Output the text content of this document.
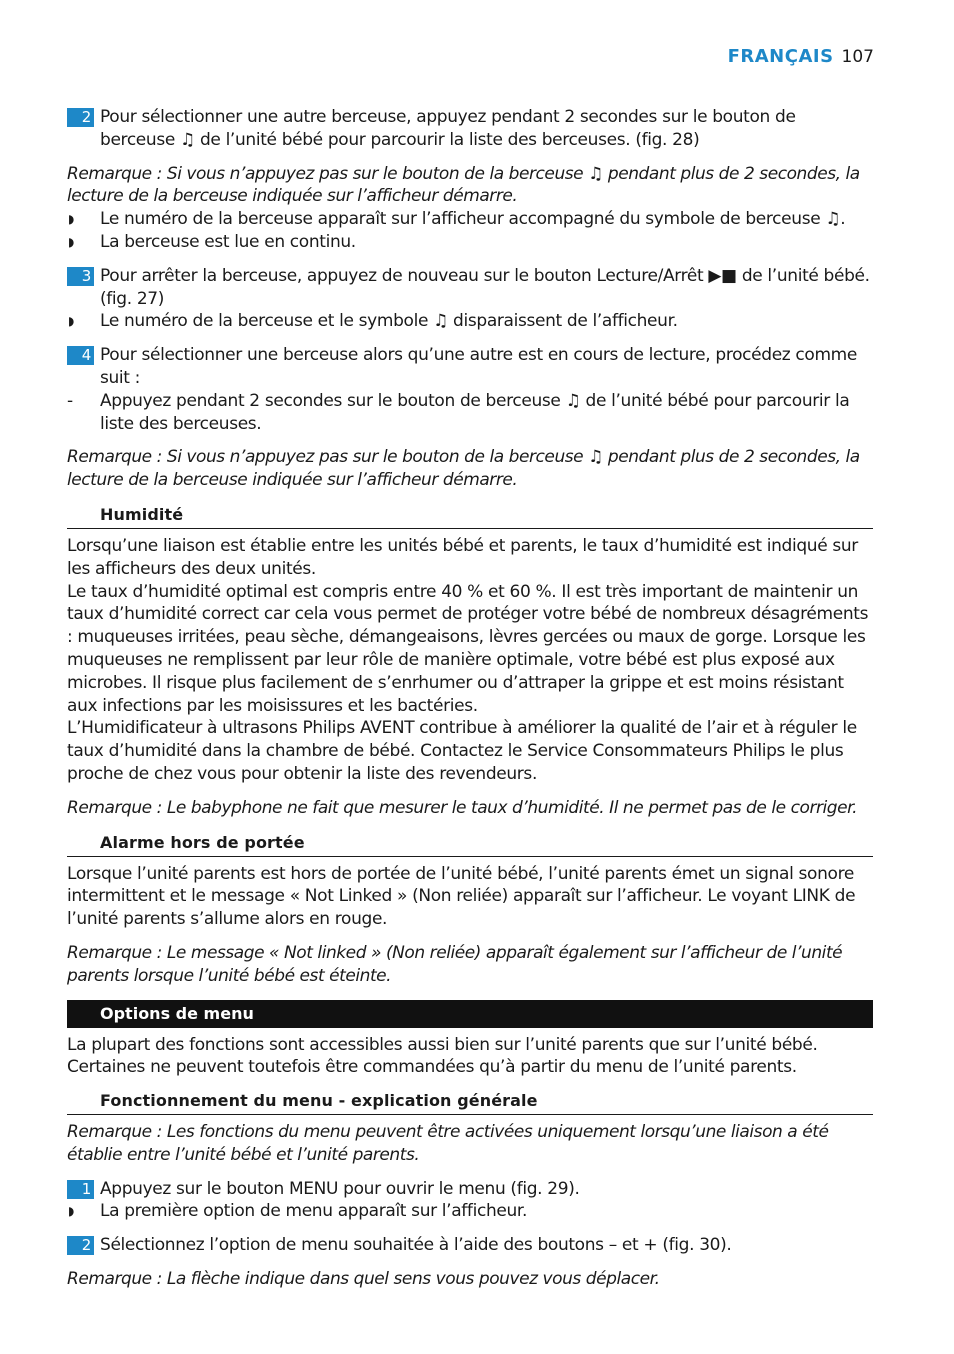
FRANÇAIS 107
2 Pour sélectionner une autre berceuse, appuyez pendant 2 secondes sur le bouton de berceuse ♫ de l’unité bébé pour parcourir la liste des berceuses. (fig. 28)
Remarque : Si vous n’appuyez pas sur le bouton de la berceuse ♫ pendant plus de 2 secondes, la lecture de la berceuse indiquée sur l’afficheur démarre.
◗ Le numéro de la berceuse apparaît sur l’afficheur accompagné du symbole de berceuse ♫.
◗ La berceuse est lue en continu.
3 Pour arrêter la berceuse, appuyez de nouveau sur le bouton Lecture/Arrêt ▶■ de l’unité bébé. (fig. 27)
◗ Le numéro de la berceuse et le symbole ♫ disparaissent de l’afficheur.
4 Pour sélectionner une berceuse alors qu’une autre est en cours de lecture, procédez comme suit :
- Appuyez pendant 2 secondes sur le bouton de berceuse ♫ de l’unité bébé pour parcourir la liste des berceuses.
Remarque : Si vous n’appuyez pas sur le bouton de la berceuse ♫ pendant plus de 2 secondes, la lecture de la berceuse indiquée sur l’afficheur démarre.
Humidité
Lorsqu’une liaison est établie entre les unités bébé et parents, le taux d’humidité est indiqué sur les afficheurs des deux unités.
Le taux d’humidité optimal est compris entre 40 % et 60 %. Il est très important de maintenir un taux d’humidité correct car cela vous permet de protéger votre bébé de nombreux désagréments : muqueuses irritées, peau sèche, démangeaisons, lèvres gercées ou maux de gorge. Lorsque les muqueuses ne remplissent par leur rôle de manière optimale, votre bébé est plus exposé aux microbes. Il risque plus facilement de s’enrhumer ou d’attraper la grippe et est moins résistant aux infections par les moisissures et les bactéries.
L’Humidificateur à ultrasons Philips AVENT contribue à améliorer la qualité de l’air et à réguler le taux d’humidité dans la chambre de bébé. Contactez le Service Consommateurs Philips le plus proche de chez vous pour obtenir la liste des revendeurs.
Remarque : Le babyphone ne fait que mesurer le taux d’humidité. Il ne permet pas de le corriger.
Alarme hors de portée
Lorsque l’unité parents est hors de portée de l’unité bébé, l’unité parents émet un signal sonore intermittent et le message « Not Linked » (Non reliée) apparaît sur l’afficheur. Le voyant LINK de l’unité parents s’allume alors en rouge.
Remarque : Le message « Not linked » (Non reliée) apparaît également sur l’afficheur de l’unité parents lorsque l’unité bébé est éteinte.
Options de menu
La plupart des fonctions sont accessibles aussi bien sur l’unité parents que sur l’unité bébé. Certaines ne peuvent toutefois être commandées qu’à partir du menu de l’unité parents.
Fonctionnement du menu - explication générale
Remarque : Les fonctions du menu peuvent être activées uniquement lorsqu’une liaison a été établie entre l’unité bébé et l’unité parents.
1 Appuyez sur le bouton MENU pour ouvrir le menu (fig. 29).
◗ La première option de menu apparaît sur l’afficheur.
2 Sélectionnez l’option de menu souhaitée à l’aide des boutons – et + (fig. 30).
Remarque : La flèche indique dans quel sens vous pouvez vous déplacer.
